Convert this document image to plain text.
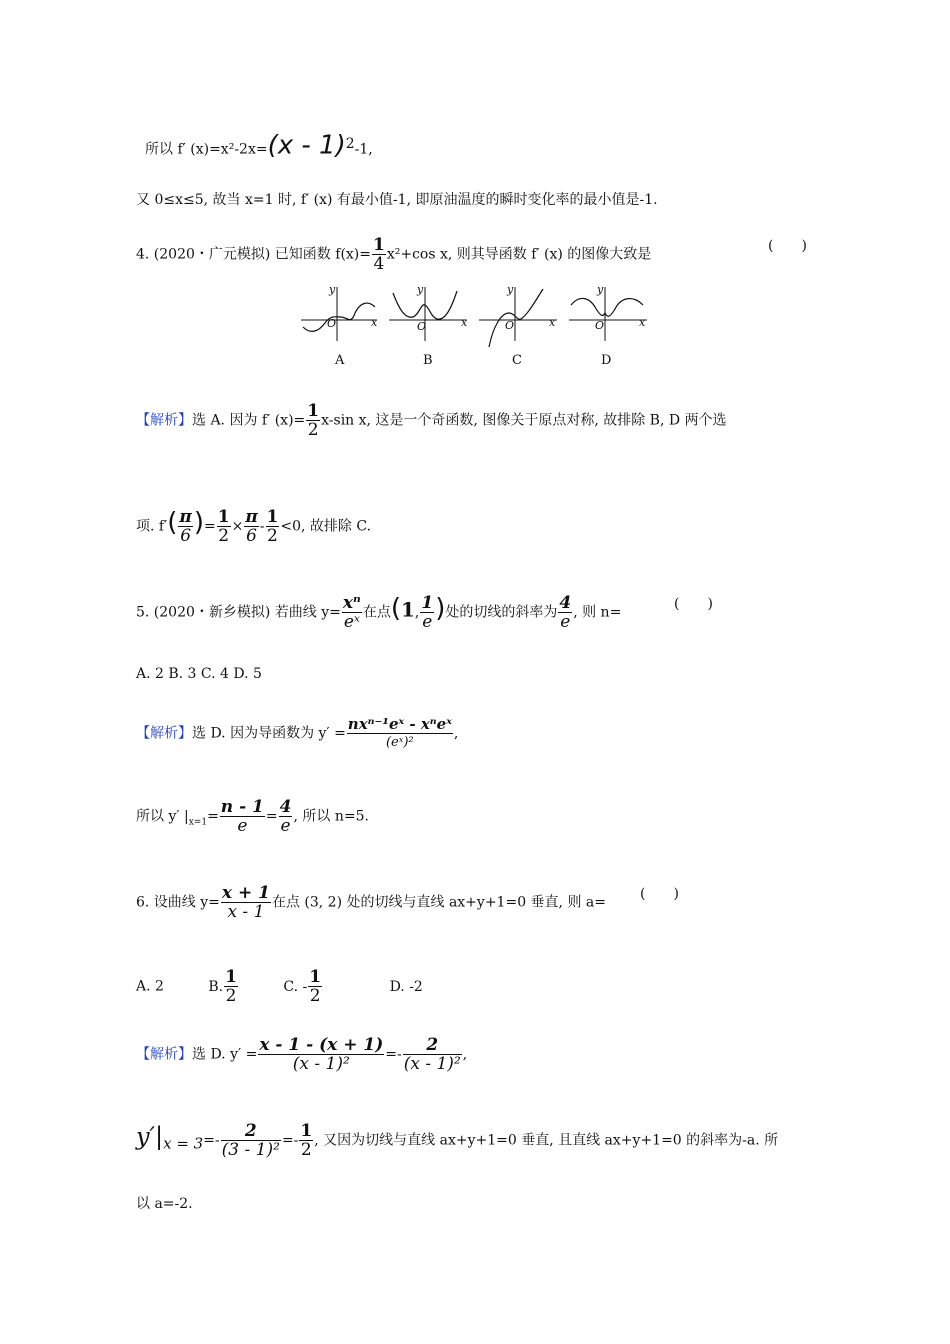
所以 f′ (x)=x²-2x=(x - 1)2-1,
又 0≤x≤5, 故当 x=1 时, f′ (x) 有最小值-1, 即原油温度的瞬时变化率的最小值是-1.
4. (2020・广元模拟) 已知函数 $f(x)= \frac{1}{4} x^2+\cos$ x, 则其导函数 f′ (x) 的图像大致是
(　　)
y
x
O
y
x
O
y
x
O
y
x
O
A	B	C	D
【解析】选 A. 因为 f′ $(x)= \frac{1}{2} x-\sin$ x, 这是一个奇函数, 图像关于原点对称, 故排除 B, D 两个选
项. $f'( \frac{\pi}{6}$ )= $\frac{1}{2} \times \frac{\pi}{6} - \frac{1}{2} <0$, 故排除 C.
5. (2020・新乡模拟) 若曲线 $y= \frac{\text{xⁿ}}{\text{eˣ}}$ 在点(1, $\frac{1}{e}$ )处的切线的斜率为 $\frac{4}{e}$ , 则 n=
(　　)
A. 2 B. 3 C. 4 D. 5
【解析】选 D. 因为导函数为 $y' = \frac{\text{nxⁿ⁻¹eˣ - xⁿeˣ}}{\text{(eˣ)²}}$ ,
所以 y′ $|_{x=1}= \frac{n - 1}{e} = \frac{4}{e}$ , 所以 n=5.
6. 设曲线 $y= \frac{x + 1}{x - 1}$ 在点 (3, 2) 处的切线与直线 ax+y+1=0 垂直, 则 a=
(　　)
A. 2	B. $\frac{1}{2}$	C. - $\frac{1}{2}$	D. -2
【解析】选 D. $y' = \frac{x - 1 - (x + 1)}{\text{(x - 1)²}} =- \frac{2}{\text{(x - 1)²}}$ ,
$y'|x = 3=- \frac{2}{\text{(3 - 1)²}} =- \frac{1}{2}$ , 又因为切线与直线 ax+y+1=0 垂直, 且直线 ax+y+1=0 的斜率为-a. 所
以 a=-2.
